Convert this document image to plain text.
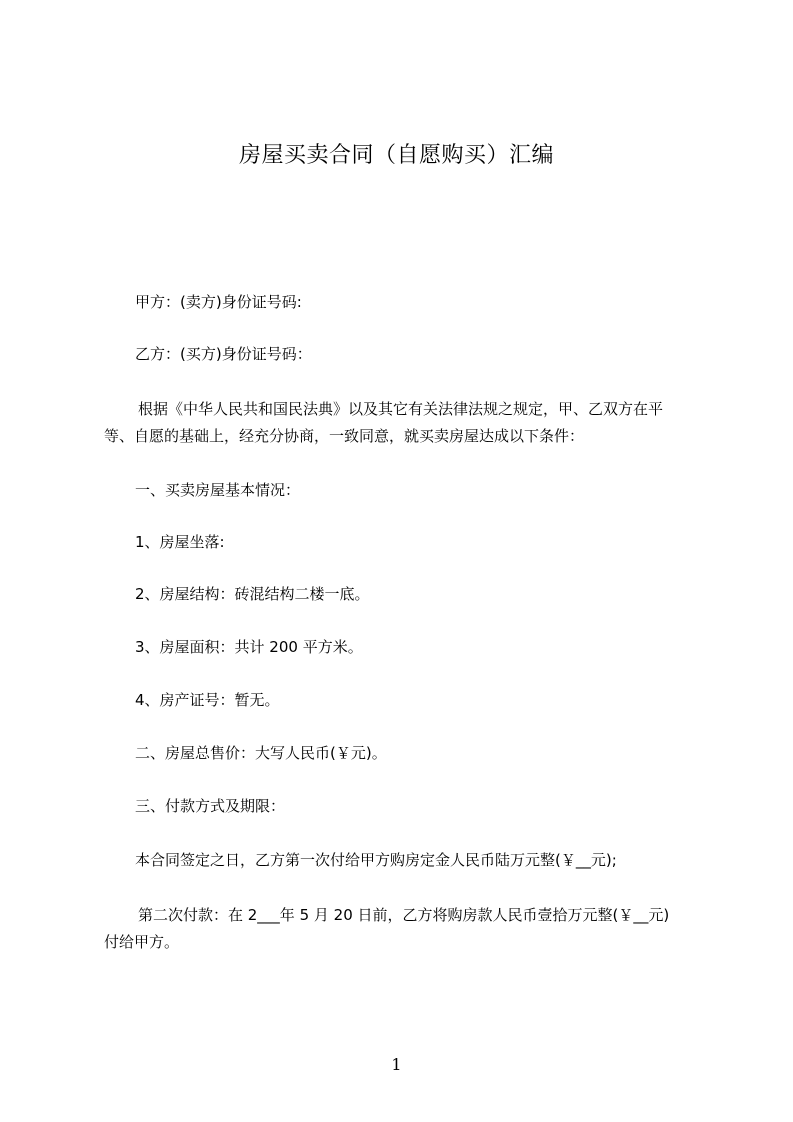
房屋买卖合同（自愿购买）汇编
甲方：(卖方)身份证号码:
乙方：(买方)身份证号码：
根据《中华人民共和国民法典》以及其它有关法律法规之规定，甲、乙双方在平
等、自愿的基础上，经充分协商，一致同意，就买卖房屋达成以下条件：
一、买卖房屋基本情况：
1、房屋坐落:
2、房屋结构：砖混结构二楼一底。
3、房屋面积：共计 200 平方米。
4、房产证号：暂无。
二、房屋总售价：大写人民币(￥元)。
三、付款方式及期限：
本合同签定之日，乙方第一次付给甲方购房定金人民币陆万元整(￥__元);
第二次付款：在 2___年 5 月 20 日前，乙方将购房款人民币壹拾万元整(￥__元)
付给甲方。
1
